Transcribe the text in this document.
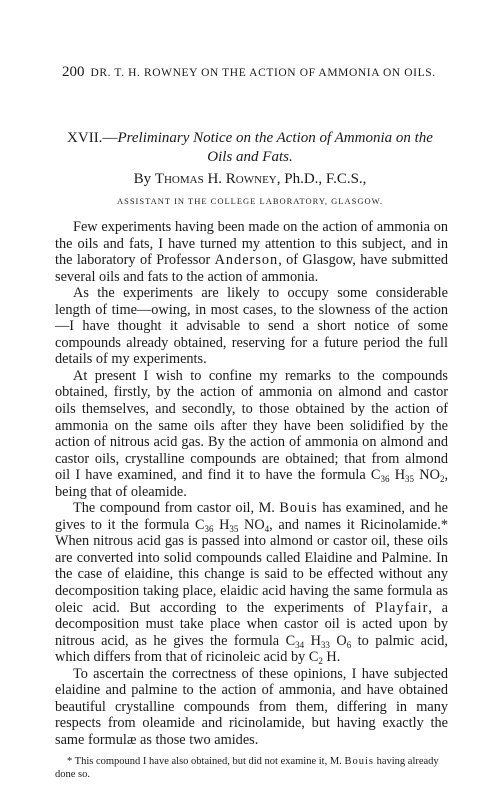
200 DR. T. H. ROWNEY ON THE ACTION OF AMMONIA ON OILS.
XVII.—Preliminary Notice on the Action of Ammonia on the
Oils and Fats.
By Thomas H. Rowney, Ph.D., F.C.S.,
ASSISTANT IN THE COLLEGE LABORATORY, GLASGOW.

Few experiments having been made on the action of ammonia on the oils and fats, I have turned my attention to this subject, and in the laboratory of Professor Anderson, of Glasgow, have submitted several oils and fats to the action of ammonia.

As the experiments are likely to occupy some considerable length of time—owing, in most cases, to the slowness of the action—I have thought it advisable to send a short notice of some compounds already obtained, reserving for a future period the full details of my experiments.

At present I wish to confine my remarks to the compounds obtained, firstly, by the action of ammonia on almond and castor oils themselves, and secondly, to those obtained by the action of ammonia on the same oils after they have been solidified by the action of nitrous acid gas. By the action of ammonia on almond and castor oils, crystalline compounds are obtained; that from almond oil I have examined, and find it to have the formula $C_{36}$ $H_{35}$ $NO_2$, being that of oleamide.

The compound from castor oil, M. Bouis has examined, and he gives to it the formula $C_{36}$ $H_{35}$ $NO_4$, and names it Ricinolamide.* When nitrous acid gas is passed into almond or castor oil, these oils are converted into solid compounds called Elaidine and Palmine. In the case of elaidine, this change is said to be effected without any decomposition taking place, elaidic acid having the same formula as oleic acid. But according to the experiments of Playfair, a decomposition must take place when castor oil is acted upon by nitrous acid, as he gives the formula $C_{34}$ $H_{33}$ $O_6$ to palmic acid, which differs from that of ricinoleic acid by $C_2$ H.

To ascertain the correctness of these opinions, I have subjected elaidine and palmine to the action of ammonia, and have obtained beautiful crystalline compounds from them, differing in many respects from oleamide and ricinolamide, but having exactly the same formulæ as those two amides.

* This compound I have also obtained, but did not examine it, M. Bouis having already done so.
